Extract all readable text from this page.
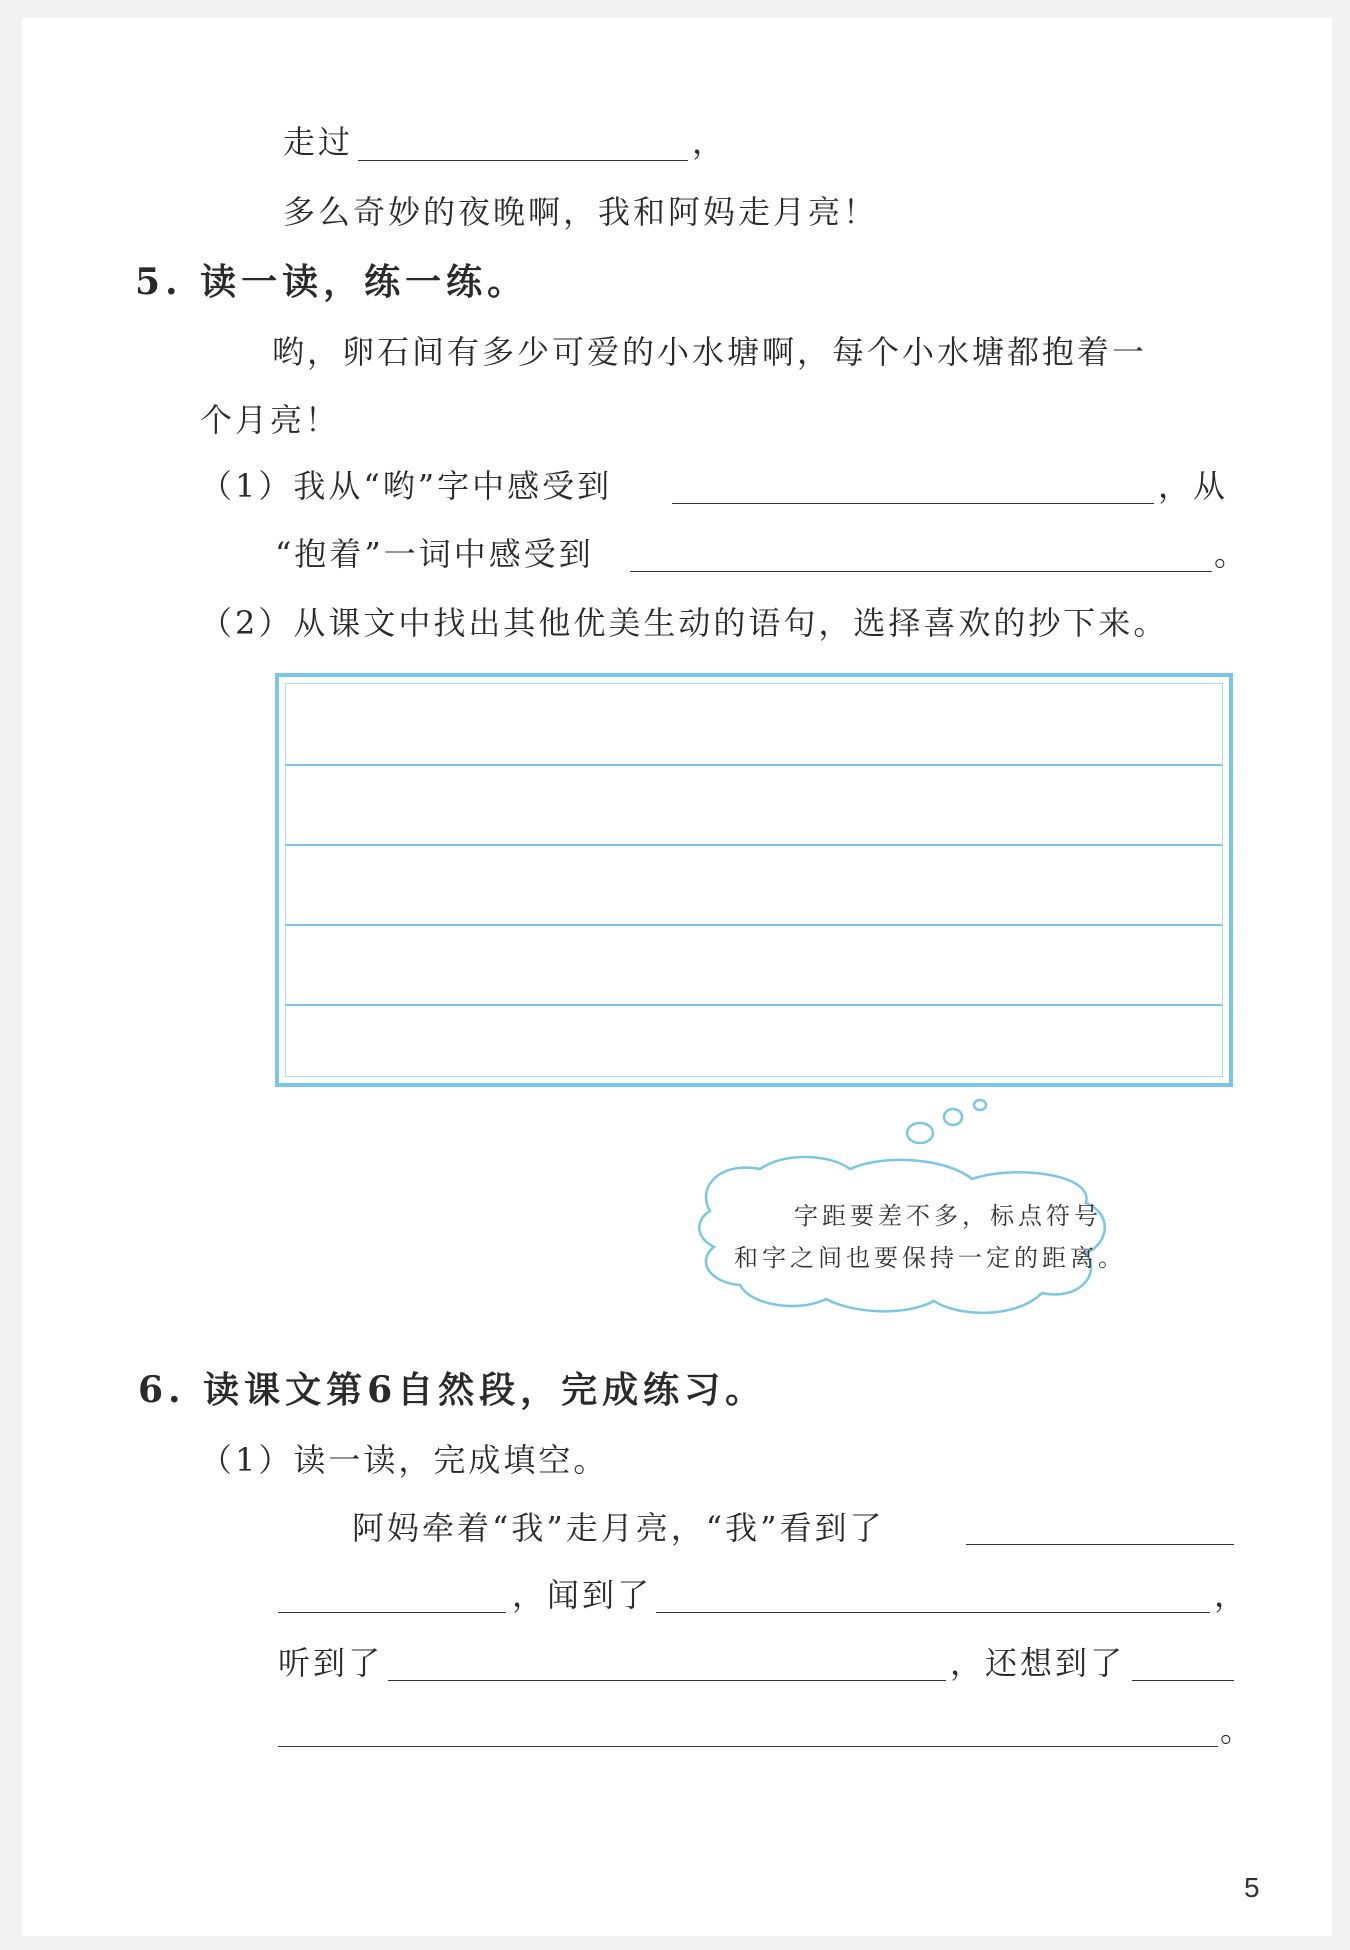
走过	，
多么奇妙的夜晚啊，我和阿妈走月亮！
5. 读一读，练一练。
哟，卵石间有多少可爱的小水塘啊，每个小水塘都抱着一
个月亮！
（1）我从“哟”字中感受到	，从
“抱着”一词中感受到	。
（2）从课文中找出其他优美生动的语句，选择喜欢的抄下来。
字距要差不多，标点符号
和字之间也要保持一定的距离。
6. 读课文第6自然段，完成练习。
（1）读一读，完成填空。
阿妈牵着“我”走月亮，“我”看到了
，闻到了	，
听到了	，还想到了
。
5
